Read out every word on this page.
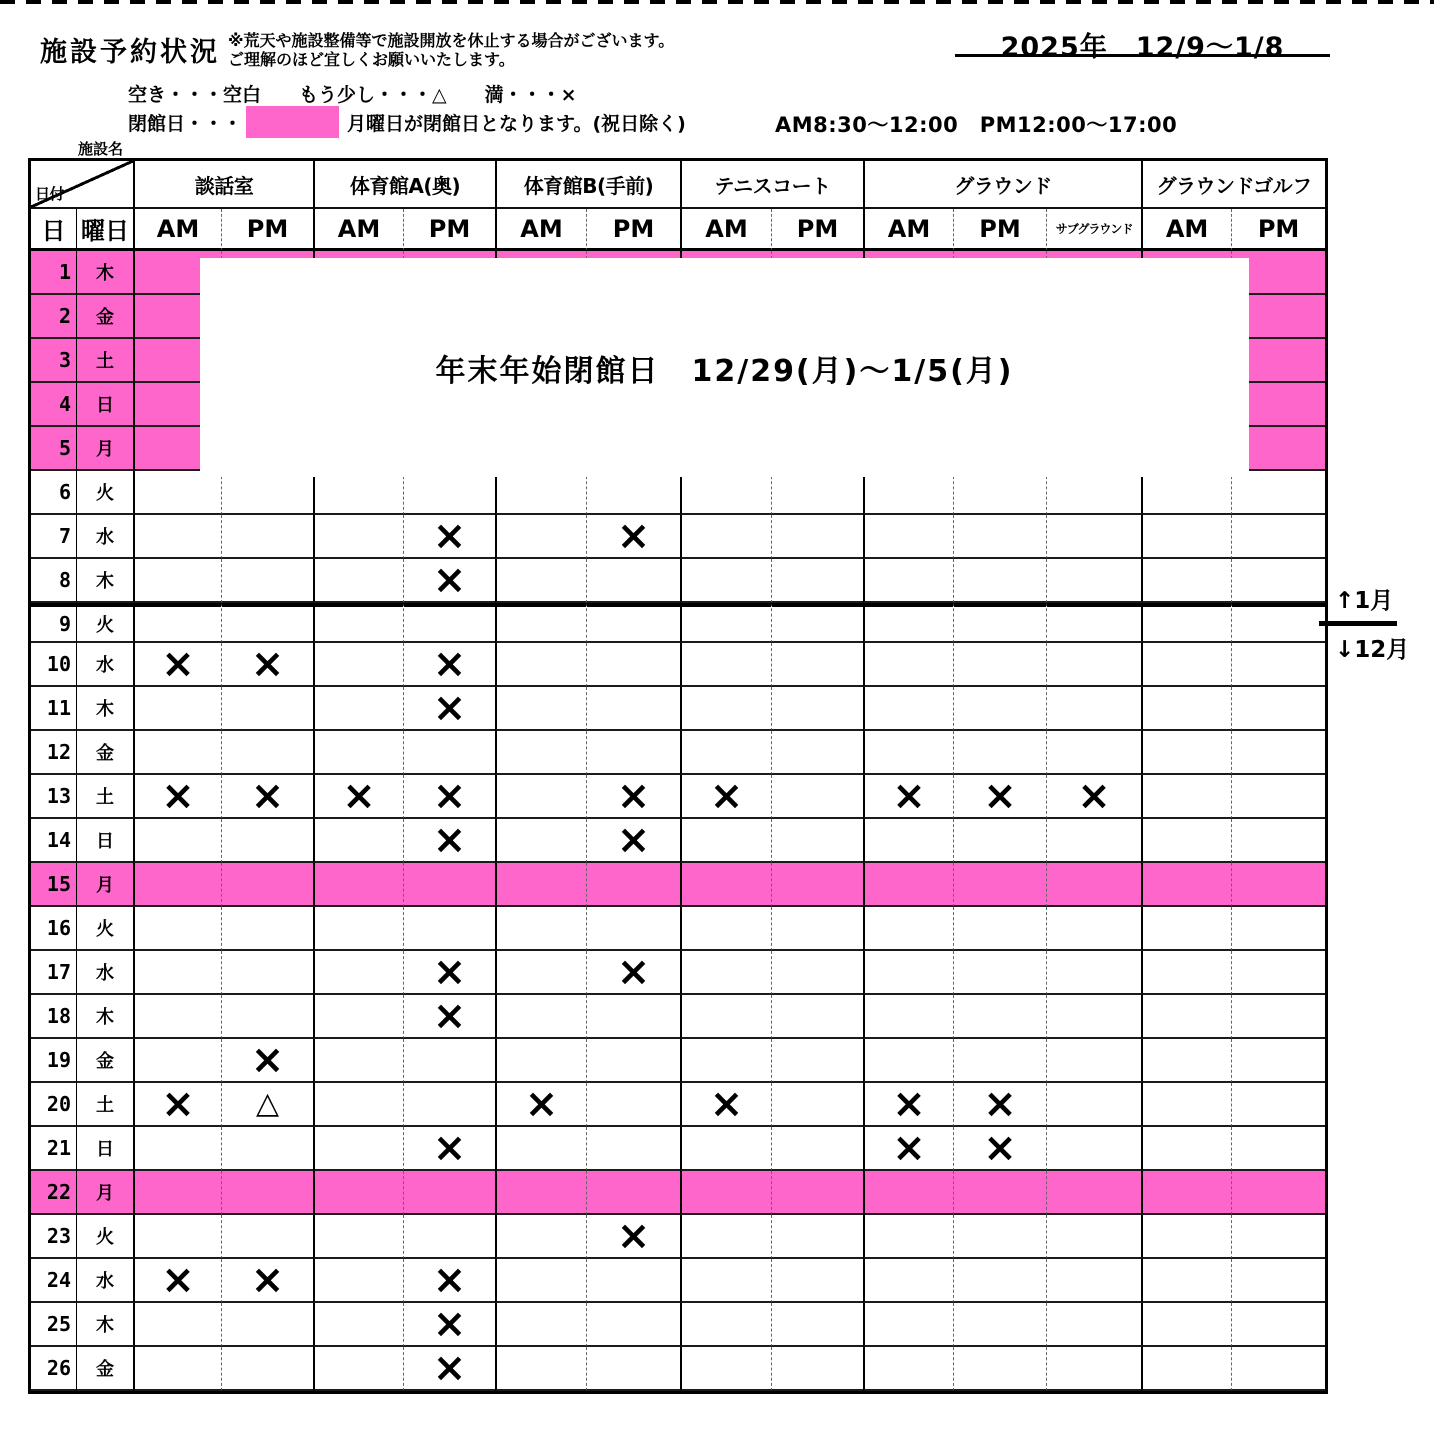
施設予約状況 ※荒天や施設整備等で施設開放を休止する場合がございます。
ご理解のほど宜しくお願いいたします。	2025年　12/9～1/8
空き・・・空白　　もう少し・・・△　　満・・・×
閉館日・・・	月曜日が閉館日となります。(祝日除く)	AM8:30～12:00　PM12:00～17:00
施設名
日付		談話室		体育館A(奥)		体育館B(手前)		テニスコート		グラウンド			グラウンドゴルフ	
日	曜日	AM	PM	AM	PM	AM	PM	AM	PM	AM	PM	サブグラウンド	AM	PM
1	木													
2	金													
3	土													
4	日													
5	月													
6	火													
7	水				×		×							
8	木				×									
9	火													
10	水	×	×		×									
11	木				×									
12	金													
13	土	×	×	×	×		×	×		×	×	×		
14	日				×		×							
15	月													
16	火													
17	水				×		×							
18	木				×									
19	金		×											
20	土	×	△			×		×		×	×			
21	日				×					×	×			
22	月													
23	火						×							
24	水	×	×		×									
25	木				×									
26	金				×									
年末年始閉館日　12/29(月)～1/5(月)
↑1月
↓12月
